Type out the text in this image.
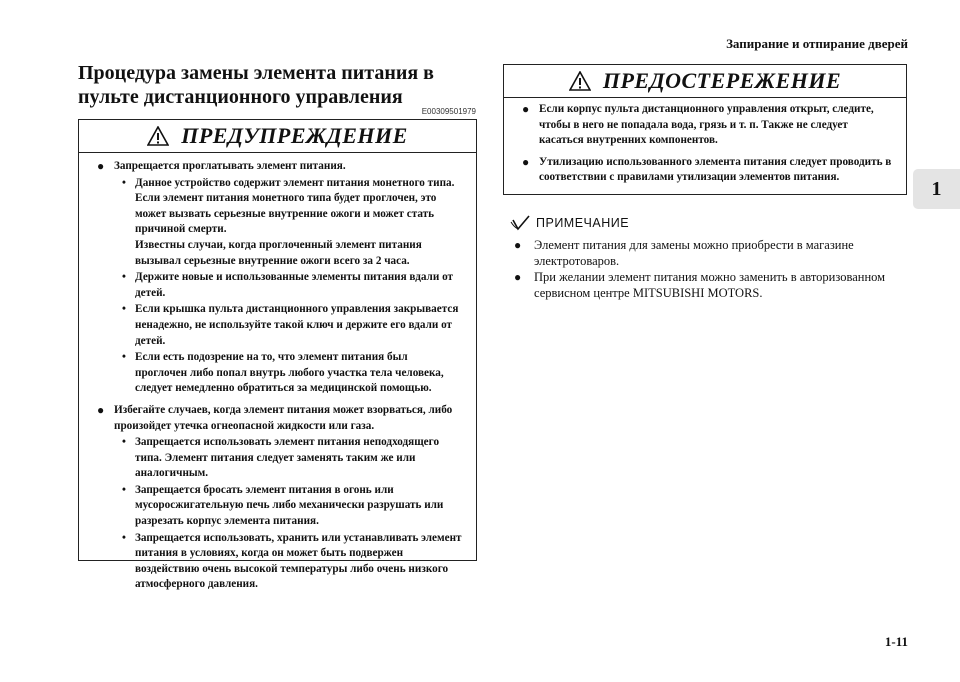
Запирание и отпирание дверей
1
1-11
Процедура замены элемента питания в пульте дистанционного управления
E00309501979
ПРЕДУПРЕЖДЕНИЕ
● Запрещается проглатывать элемент питания.
• Данное устройство содержит элемент питания монетного типа. Если элемент питания монетного типа будет проглочен, это может вызвать серьезные внутренние ожоги и может стать причиной смерти.
Известны случаи, когда проглоченный элемент питания вызывал серьезные внутренние ожоги всего за 2 часа.
• Держите новые и использованные элементы питания вдали от детей.
• Если крышка пульта дистанционного управления закрывается ненадежно, не используйте такой ключ и держите его вдали от детей.
• Если есть подозрение на то, что элемент питания был проглочен либо попал внутрь любого участка тела человека, следует немедленно обратиться за медицинской помощью.
● Избегайте случаев, когда элемент питания может взорваться, либо произойдет утечка огнеопасной жидкости или газа.
• Запрещается использовать элемент питания неподходящего типа. Элемент питания следует заменять таким же или аналогичным.
• Запрещается бросать элемент питания в огонь или мусоросжигательную печь либо механически разрушать или разрезать корпус элемента питания.
• Запрещается использовать, хранить или устанавливать элемент питания в условиях, когда он может быть подвержен воздействию очень высокой температуры либо очень низкого атмосферного давления.
ПРЕДОСТЕРЕЖЕНИЕ
● Если корпус пульта дистанционного управления открыт, следите, чтобы в него не попадала вода, грязь и т. п. Также не следует касаться внутренних компонентов.
● Утилизацию использованного элемента питания следует проводить в соответствии с правилами утилизации элементов питания.
ПРИМЕЧАНИЕ
● Элемент питания для замены можно приобрести в магазине электротоваров.
● При желании элемент питания можно заменить в авторизованном сервисном центре MITSUBISHI MOTORS.
